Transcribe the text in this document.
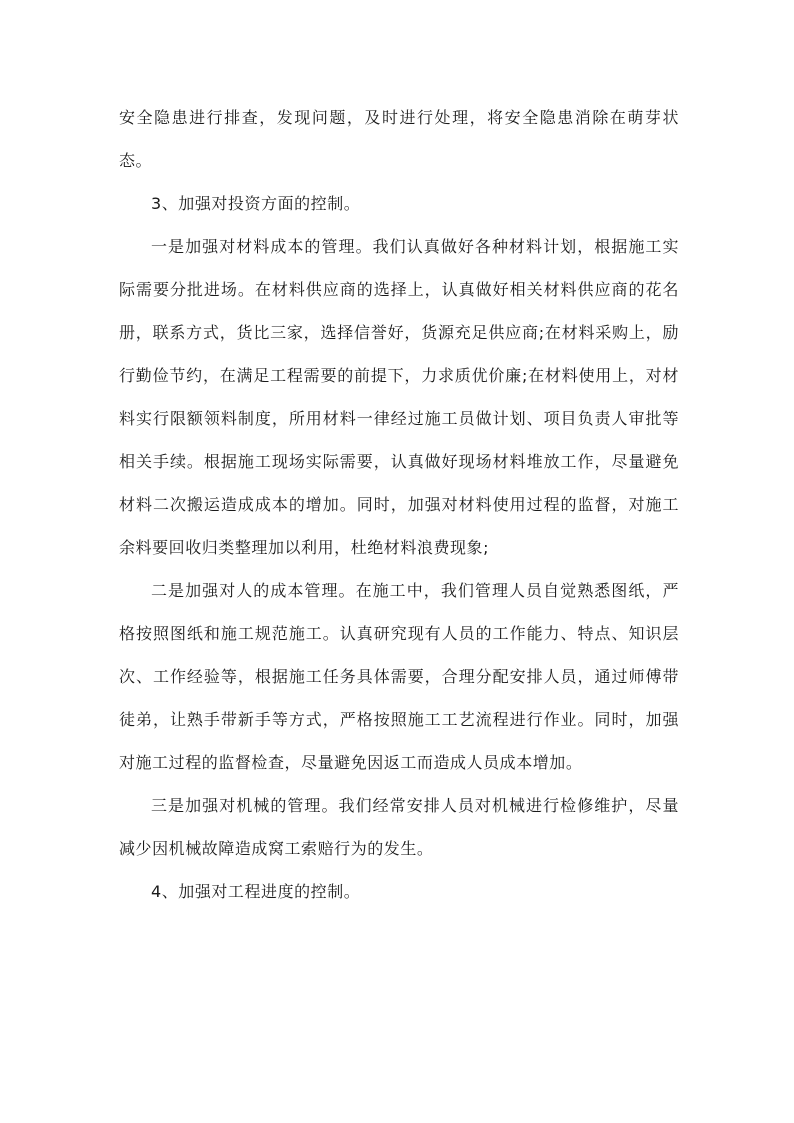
安全隐患进行排查，发现问题，及时进行处理，将安全隐患消除在萌芽状态。

3、加强对投资方面的控制。

一是加强对材料成本的管理。我们认真做好各种材料计划，根据施工实际需要分批进场。在材料供应商的选择上，认真做好相关材料供应商的花名册，联系方式，货比三家，选择信誉好，货源充足供应商;在材料采购上，励行勤俭节约，在满足工程需要的前提下，力求质优价廉;在材料使用上，对材料实行限额领料制度，所用材料一律经过施工员做计划、项目负责人审批等相关手续。根据施工现场实际需要，认真做好现场材料堆放工作，尽量避免材料二次搬运造成成本的增加。同时，加强对材料使用过程的监督，对施工余料要回收归类整理加以利用，杜绝材料浪费现象;

二是加强对人的成本管理。在施工中，我们管理人员自觉熟悉图纸，严格按照图纸和施工规范施工。认真研究现有人员的工作能力、特点、知识层次、工作经验等，根据施工任务具体需要，合理分配安排人员，通过师傅带徒弟，让熟手带新手等方式，严格按照施工工艺流程进行作业。同时，加强对施工过程的监督检查，尽量避免因返工而造成人员成本增加。

三是加强对机械的管理。我们经常安排人员对机械进行检修维护，尽量减少因机械故障造成窝工索赔行为的发生。

4、加强对工程进度的控制。
